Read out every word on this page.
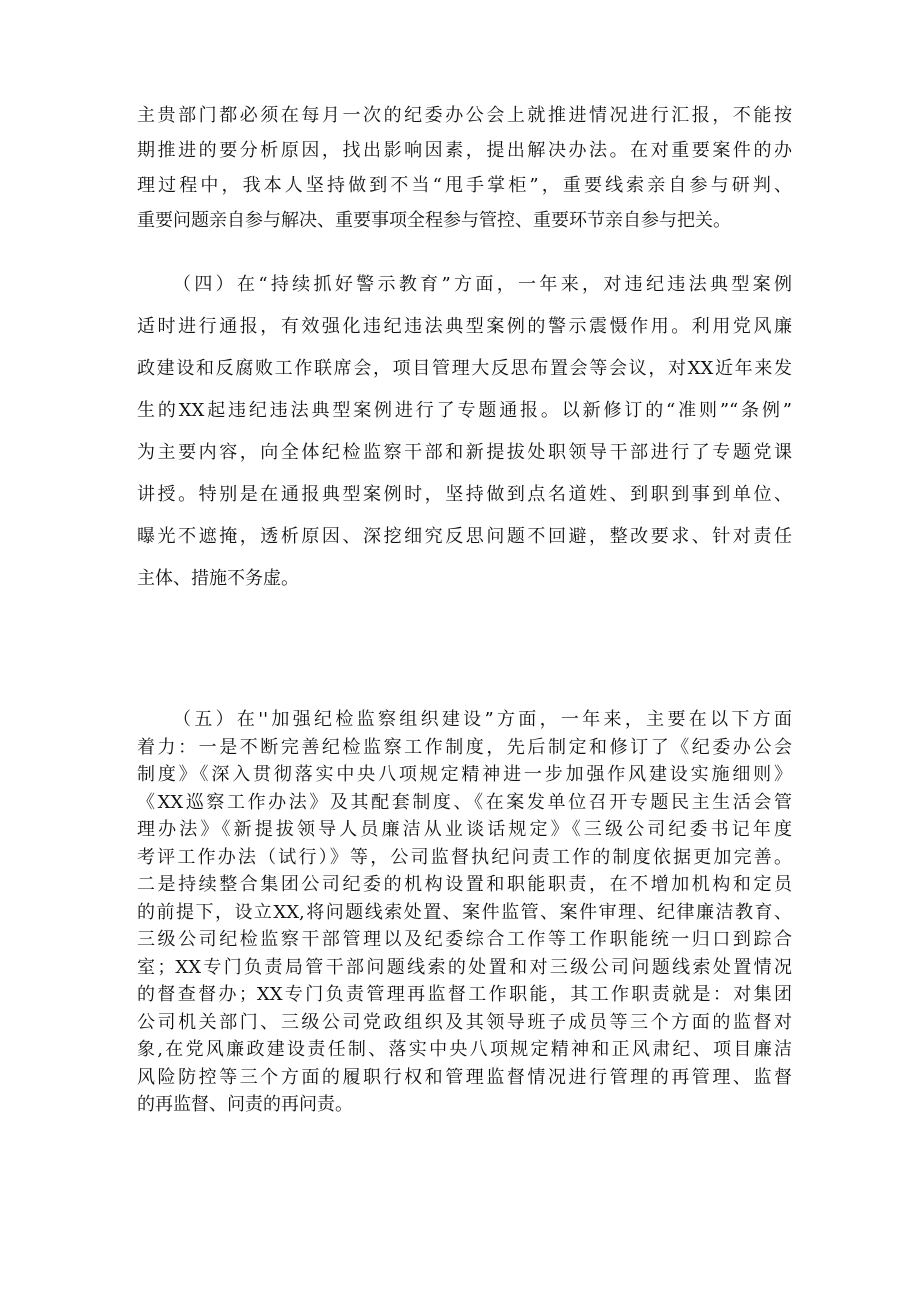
主贵部门都必须在每月一次的纪委办公会上就推进情况进行汇报，不能按
期推进的要分析原因，找出影响因素，提出解决办法。在对重要案件的办
理过程中，我本人坚持做到不当“甩手掌柜”，重要线索亲自参与研判、
重要问题亲自参与解决、重要事项全程参与管控、重要环节亲自参与把关。

（四）在“持续抓好警示教育”方面，一年来，对违纪违法典型案例
适时进行通报，有效强化违纪违法典型案例的警示震慑作用。利用党风廉
政建设和反腐败工作联席会，项目管理大反思布置会等会议，对XX近年来发
生的XX起违纪违法典型案例进行了专题通报。以新修订的“准则”“条例”
为主要内容，向全体纪检监察干部和新提拔处职领导干部进行了专题党课
讲授。特别是在通报典型案例时，坚持做到点名道姓、到职到事到单位、
曝光不遮掩，透析原因、深挖细究反思问题不回避，整改要求、针对责任
主体、措施不务虚。

（五）在''加强纪检监察组织建设”方面，一年来，主要在以下方面
着力：一是不断完善纪检监察工作制度，先后制定和修订了《纪委办公会
制度》《深入贯彻落实中央八项规定精神进一步加强作风建设实施细则》
《XX巡察工作办法》及其配套制度、《在案发单位召开专题民主生活会管
理办法》《新提拔领导人员廉洁从业谈话规定》《三级公司纪委书记年度
考评工作办法（试行）》等，公司监督执纪问责工作的制度依据更加完善。
二是持续整合集团公司纪委的机构设置和职能职责，在不增加机构和定员
的前提下，设立XX,将问题线索处置、案件监管、案件审理、纪律廉洁教育、
三级公司纪检监察干部管理以及纪委综合工作等工作职能统一归口到踪合
室；XX专门负责局管干部问题线索的处置和对三级公司问题线索处置情况
的督查督办；XX专门负责管理再监督工作职能，其工作职责就是：对集团
公司机关部门、三级公司党政组织及其领导班子成员等三个方面的监督对
象,在党风廉政建设责任制、落实中央八项规定精神和正风肃纪、项目廉洁
风险防控等三个方面的履职行权和管理监督情况进行管理的再管理、监督
的再监督、问责的再问责。
